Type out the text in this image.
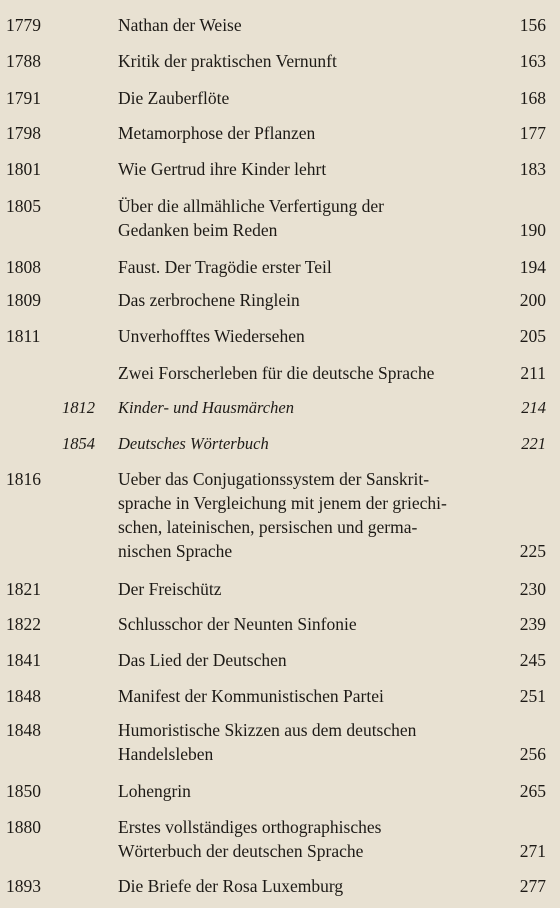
1779	Nathan der Weise	156
1788	Kritik der praktischen Vernunft	163
1791	Die Zauberflöte	168
1798	Metamorphose der Pflanzen	177
1801	Wie Gertrud ihre Kinder lehrt	183
1805	Über die allmähliche Verfertigung der
Gedanken beim Reden	190
1808	Faust. Der Tragödie erster Teil	194
1809	Das zerbrochene Ringlein	200
1811	Unverhofftes Wiedersehen	205
Zwei Forscherleben für die deutsche Sprache	211
1812 Kinder- und Hausmärchen	214
1854 Deutsches Wörterbuch	221
1816	Ueber das Conjugationssystem der Sanskrit-
sprache in Vergleichung mit jenem der griechi-
schen, lateinischen, persischen und germa-
nischen Sprache	225
1821	Der Freischütz	230
1822	Schlusschor der Neunten Sinfonie	239
1841	Das Lied der Deutschen	245
1848	Manifest der Kommunistischen Partei	251
1848	Humoristische Skizzen aus dem deutschen
Handelsleben	256
1850	Lohengrin	265
1880	Erstes vollständiges orthographisches
Wörterbuch der deutschen Sprache	271
1893	Die Briefe der Rosa Luxemburg	277
